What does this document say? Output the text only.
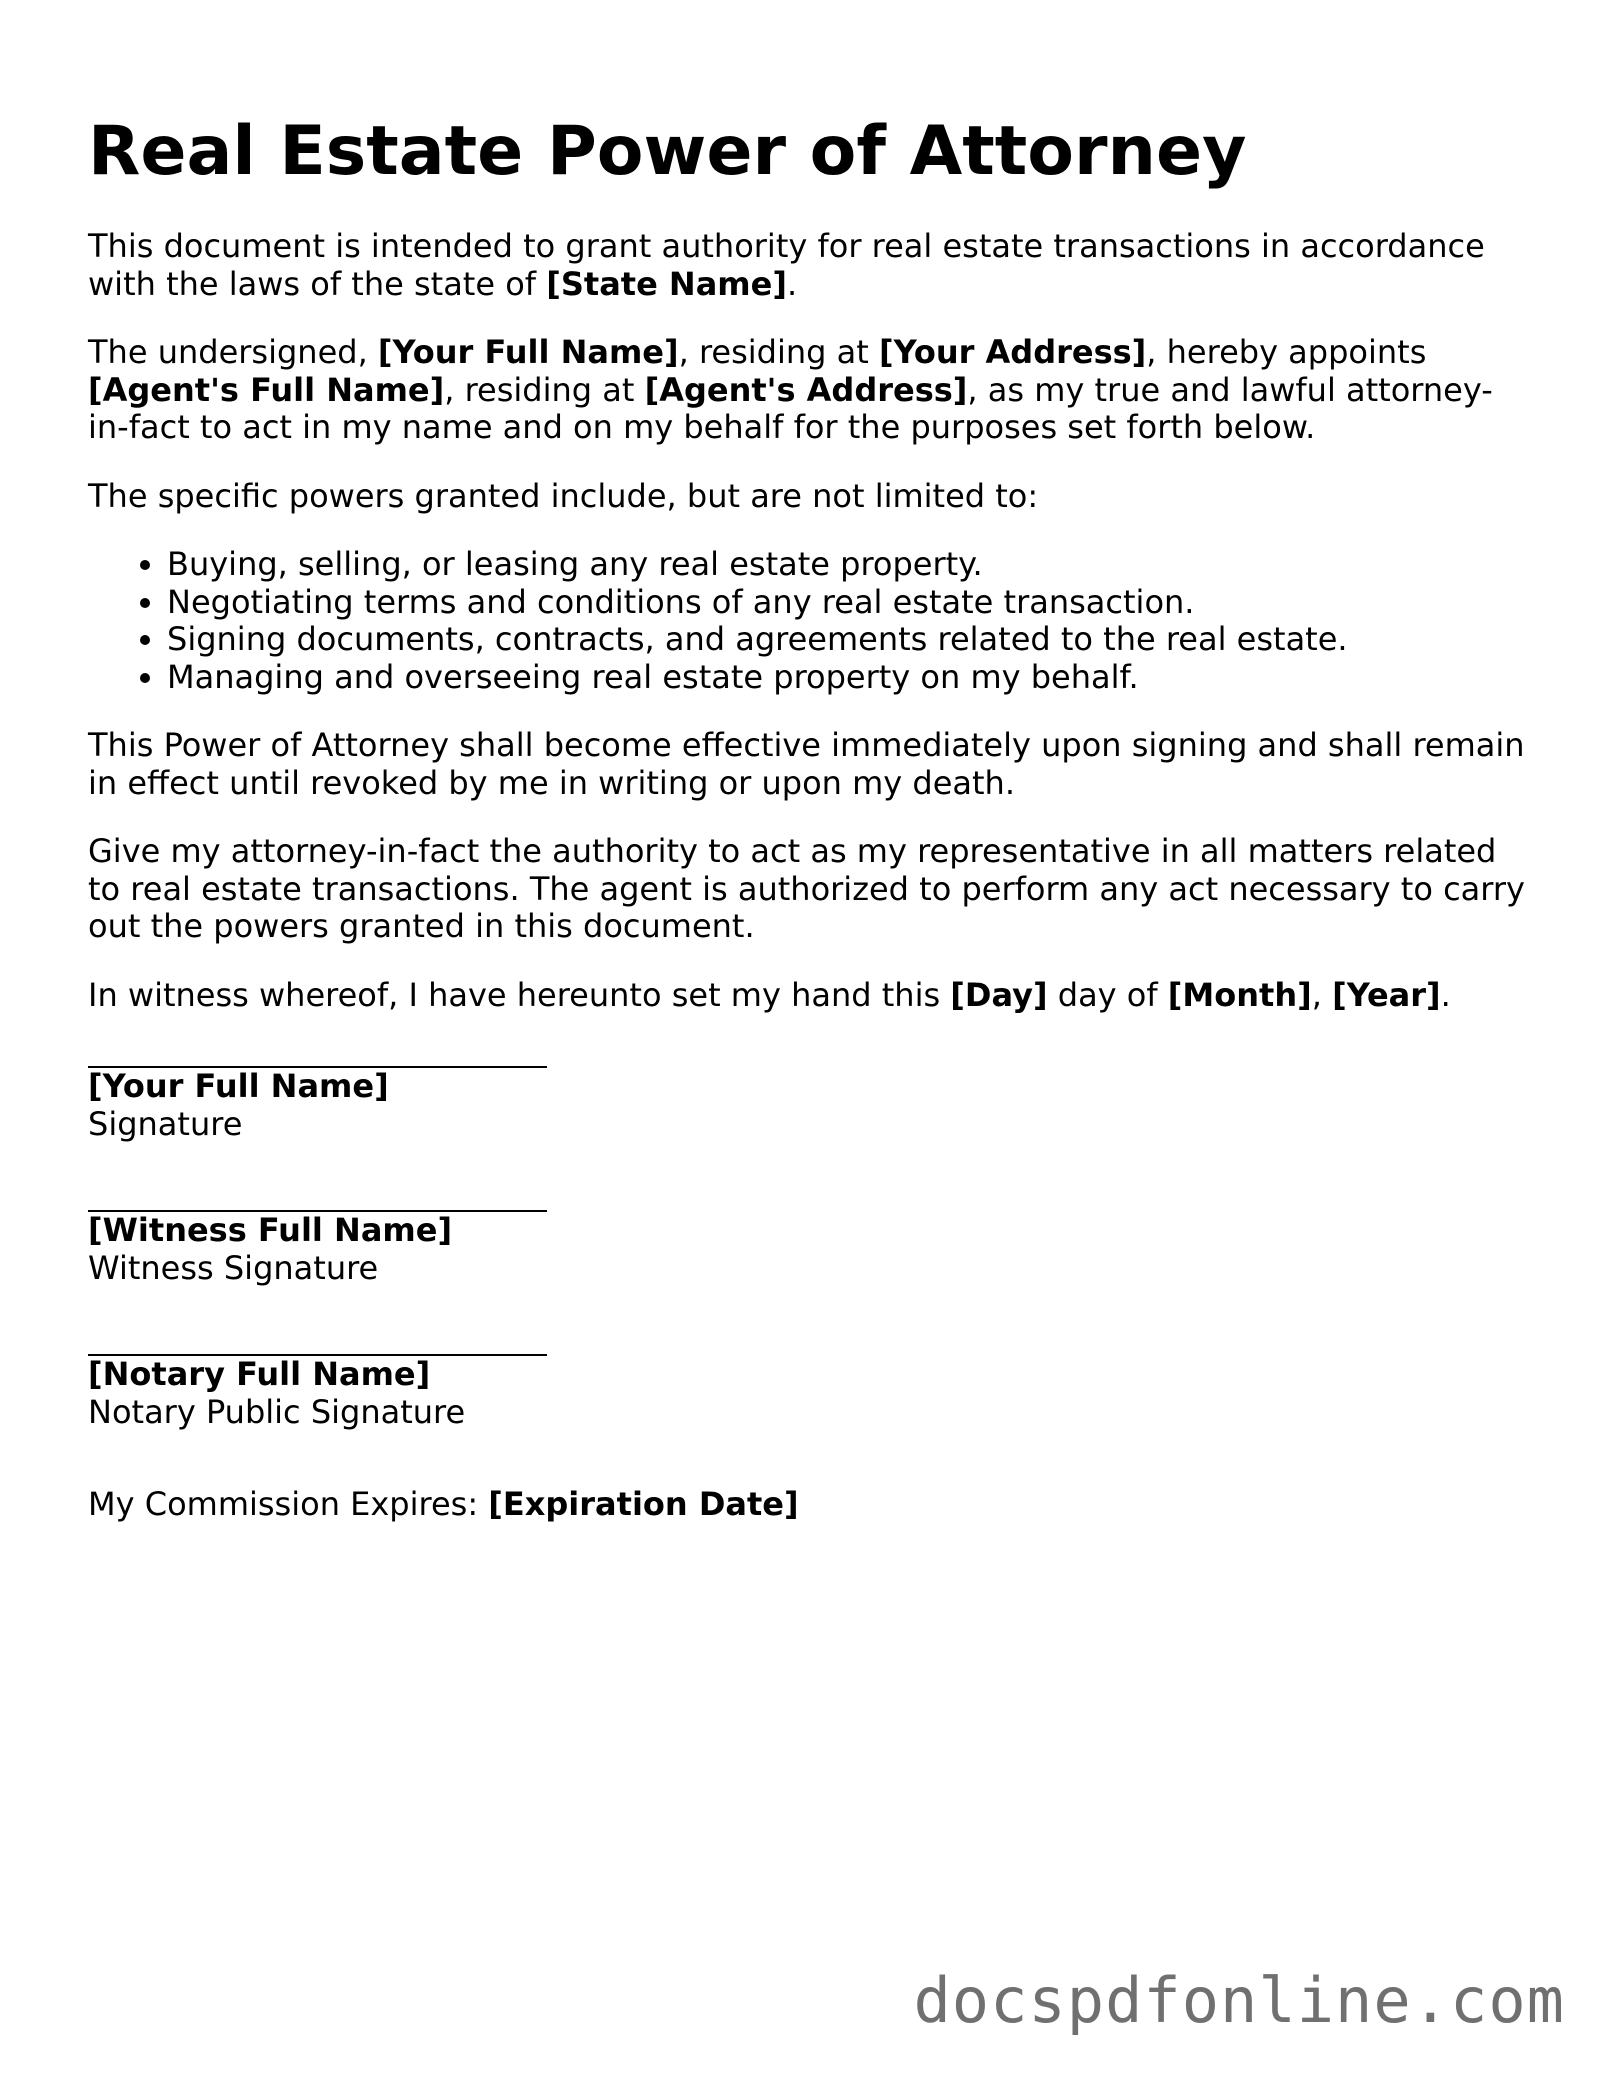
Real Estate Power of Attorney

This document is intended to grant authority for real estate transactions in accordance with the laws of the state of [State Name].

The undersigned, [Your Full Name], residing at [Your Address], hereby appoints [Agent's Full Name], residing at [Agent's Address], as my true and lawful attorney-in-fact to act in my name and on my behalf for the purposes set forth below.

The specific powers granted include, but are not limited to:

• Buying, selling, or leasing any real estate property.
• Negotiating terms and conditions of any real estate transaction.
• Signing documents, contracts, and agreements related to the real estate.
• Managing and overseeing real estate property on my behalf.

This Power of Attorney shall become effective immediately upon signing and shall remain in effect until revoked by me in writing or upon my death.

Give my attorney-in-fact the authority to act as my representative in all matters related to real estate transactions. The agent is authorized to perform any act necessary to carry out the powers granted in this document.

In witness whereof, I have hereunto set my hand this [Day] day of [Month], [Year].

[Your Full Name]
Signature
[Witness Full Name]
Witness Signature
[Notary Full Name]
Notary Public Signature
My Commission Expires: [Expiration Date]
docspdfonline.com
